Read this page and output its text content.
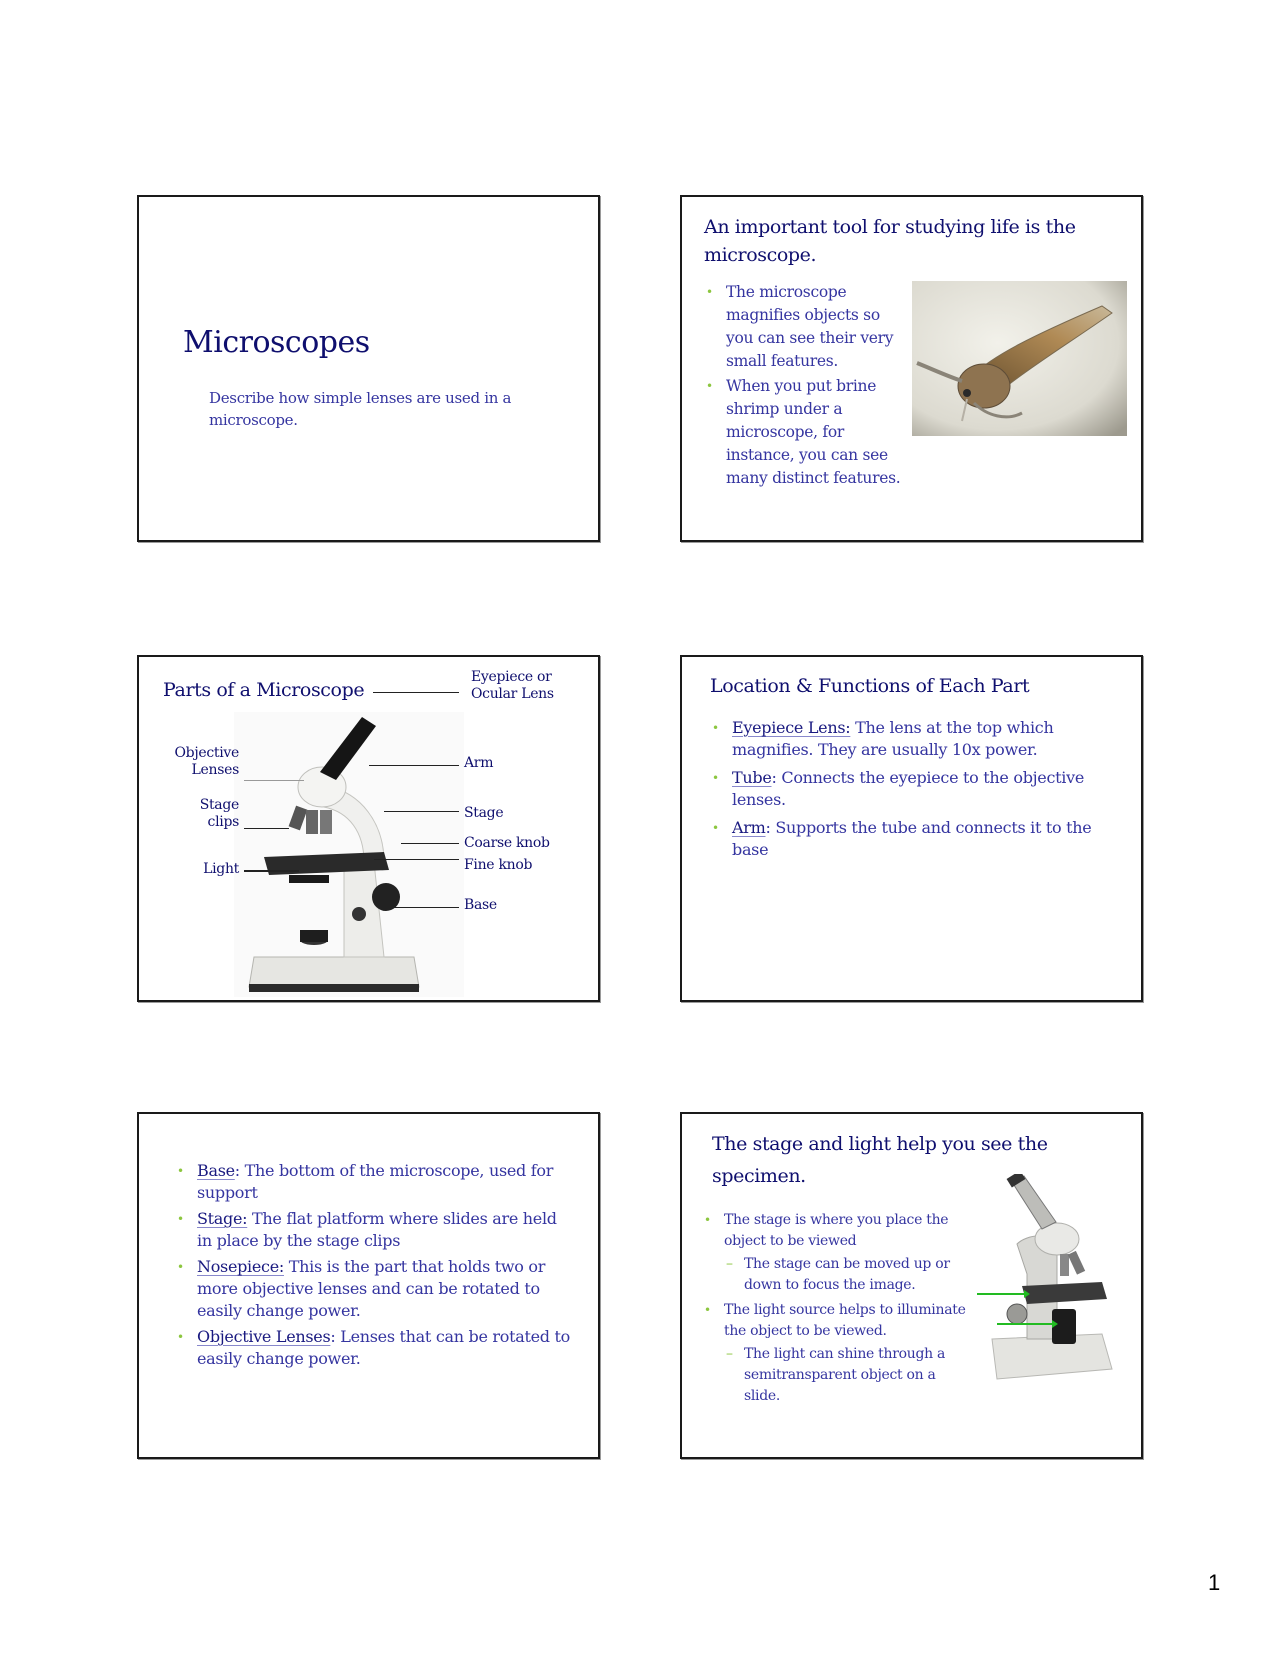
Microscopes
Describe how simple lenses are used in a microscope.
An important tool for studying life is the microscope.
• The microscope magnifies objects so you can see their very small features.
• When you put brine shrimp under a microscope, for instance, you can see many distinct features.
Parts of a Microscope
Objective Lenses
Stage clips
Light
Eyepiece or Ocular Lens
Arm
Stage
Coarse knob
Fine knob
Base
Location & Functions of Each Part
• Eyepiece Lens: The lens at the top which magnifies. They are usually 10x power.
• Tube: Connects the eyepiece to the objective lenses.
• Arm: Supports the tube and connects it to the base
• Base: The bottom of the microscope, used for support
• Stage: The flat platform where slides are held in place by the stage clips
• Nosepiece: This is the part that holds two or more objective lenses and can be rotated to easily change power.
• Objective Lenses: Lenses that can be rotated to easily change power.
The stage and light help you see the specimen.
• The stage is where you place the object to be viewed
– The stage can be moved up or down to focus the image.
• The light source helps to illuminate the object to be viewed.
– The light can shine through a semitransparent object on a slide.
1
